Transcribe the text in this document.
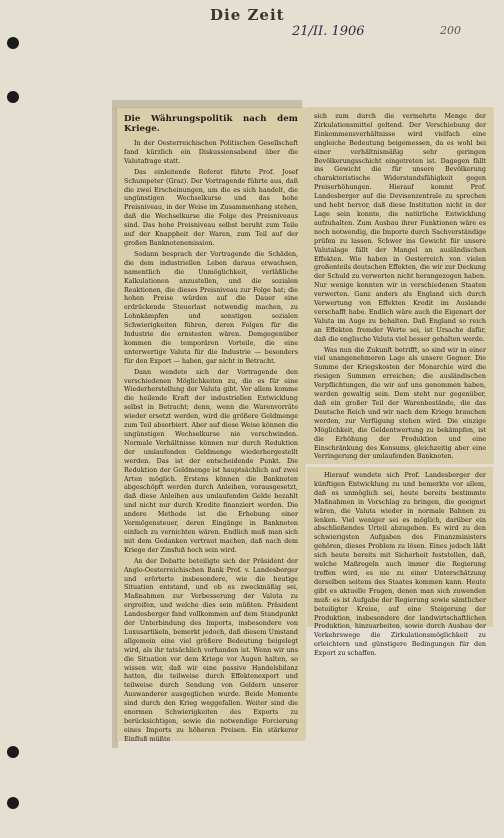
Die Zeit
21/II. 1906	200
Die Währungspolitik nach dem Kriege.

In der Oesterreichischen Politischen Gesellschaft fand kürzlich ein Diskussionsabend über die Valutafrage statt.

Das einleitende Referat führte Prof. Josef Schumpeter (Graz). Der Vortragende führte aus, daß die zwei Erscheinungen, um die es sich handelt, die ungünstigen Wechselkurse und das hohe Preisniveau, in der Weise im Zusammenhang stehen, daß die Wechselkurse die Folge des Preisniveaus sind. Das hohe Preisniveau selbst beruht zum Teile auf der Knappheit der Waren, zum Teil auf der großen Banknotenemission.

Sodann besprach der Vortragende die Schäden, die dem industriellen Leben daraus erwachsen, namentlich die Unmöglichkeit, verläßliche Kalkulationen anzustellen, und die sozialen Reaktionen, die dieses Preisniveau zur Folge hat; die hohen Preise würden auf die Dauer eine erdrückende Steuerlast notwendig machen, zu Lohnkämpfen und sonstigen sozialen Schwierigkeiten führen, deren Folgen für die Industrie die ernstesten wären. Demgegenüber kommen die temporären Vorteile, die eine unterwertige Valuta für die Industrie — besonders für den Export — haben, gar nicht in Betracht.

Dann wendete sich der Vortragende den verschiedenen Möglichkeiten zu, die es für eine Wiederherstellung der Valuta gibt. Vor allem komme die heilende Kraft der industriellen Entwicklung selbst in Betracht; denn, wenn die Warenvorräte wieder ersetzt werden, wird die größere Geldmenge zum Teil absorbiert. Aber auf diese Weise können die ungünstigen Wechselkurse nie verschwinden. Normale Verhältnisse können nur durch Reduktion der umlaufenden Geldmenge wiederhergestellt werden. Das ist der entscheidende Punkt. Die Reduktion der Geldmenge ist hauptsächlich auf zwei Arten möglich. Erstens können die Banknoten abgeschöpft werden durch Anleihen, vorausgesetzt, daß diese Anleihen aus umlaufenden Gelde bezahlt und nicht nur durch Kredite finanziert werden. Die andere Methode ist die Erhebung einer Vermögensteuer, deren Eingänge in Banknoten einfach zu vernichten wären. Endlich muß man sich mit dem Gedanken vertraut machen, daß nach dem Kriege der Zinsfuß hoch sein wird.

An der Debatte beteiligte sich der Präsident der Anglo-Oesterreichischen Bank Prof. v. Landesberger und erörterte insbesondere, wie die heutige Situation entstand, und ob es zweckmäßig sei, Maßnahmen zur Verbesserung der Valuta zu ergreifen, und welche dies sein müßten. Präsident Landesberger fand vollkommen auf dem Standpunkt der Unterbindung des Imports, insbesondere von Luxusartikeln, bemerkt jedoch, daß diesem Umstand allgemein eine viel größere Bedeutung beigelegt wird, als ihr tatsächlich vorhanden ist. Wenn wir uns die Situation vor dem Kriege vor Augen halten, so wissen wir, daß wir eine passive Handelsbilanz hatten, die teilweise durch Effektenexport und teilweise durch Sendung von Geldern unserer Auswanderer ausgeglichen wurde. Beide Momente sind durch den Krieg weggefallen. Weiter sind die enormen Schwierigkeiten des Exports zu berücksichtigen, sowie die notwendige Forcierung eines Imports zu höheren Preisen. Ein stärkerer Einfluß müßte

sich zum durch die vermehrte Menge der Zirkulationsmittel geltend. Der Verschiebung der Einkommensverhältnisse wird vielfach eine ungleiche Bedeutung beigemessen, da es wohl bei einer verhältnismäßig sehr geringen Bevölkerungsschicht eingetreten ist. Dagegen fällt ins Gewicht die für unsere Bevölkerung charakteristische Widerstandsfähigkeit gegen Preiserhöhungen. Hierauf kommt Prof. Landesberger auf die Devisenzentrale zu sprechen und hebt hervor, daß diese Institution nicht in der Lage sein konnte, die natürliche Entwicklung aufzuhalten. Zum Ausbau ihrer Funktionen wäre es noch notwendig, die Importe durch Sachverständige prüfen zu lassen. Schwer ins Gewicht für unsere Valutalage fällt der Mangel an ausländischen Effekten. Wie haben in Oesterreich von vielen großenteils deutschen Effekten, die wir zur Deckung der Schuld zu verwerten nicht herangezogen haben. Nur wenige konnten wir in verschiedenen Staaten verwerten. Ganz anders als England sich durch Verwertung von Effekten Kredit im Auslande verschafft habe. Endlich wäre auch die Eigenart der Valuta im Auge zu behalten. Daß England so reich an Effekten fremder Werte sei, ist Ursache dafür, daß die englische Valuta viel besser gehalten werde.

Was nun die Zukunft betrifft, so sind wir in einer viel unangenehmeren Lage als unsere Gegner. Die Summe der Kriegskosten der Monarchie wird die riesigen Summen erreichen; die ausländischen Verpflichtungen, die wir auf uns genommen haben, werden gewaltig sein. Dem steht nur gegenüber, daß ein großer Teil der Warenbestände, die das Deutsche Reich und wir nach dem Kriege brauchen werden, zur Verfügung stehen wird. Die einzige Möglichkeit, die Geldentwertung zu bekämpfen, ist die Erhöhung der Produktion und eine Einschränkung des Konsums, gleichzeitig aber eine Verringerung der umlaufenden Banknoten.

Hierauf wendete sich Prof. Landesberger der künftigen Entwicklung zu und bemerkte vor allem, daß es unmöglich sei, heute bereits bestimmte Maßnahmen in Vorschlag zu bringen, die geeignet wären, die Valuta wieder in normale Bahnen zu lenken. Viel weniger sei es möglich, darüber ein abschließendes Urteil abzugeben. Es wird zu den schwierigsten Aufgaben des Finanzministers gehören, dieses Problem zu lösen. Eines jedoch läßt sich heute bereits mit Sicherheit feststellen, daß, welche Maßregeln auch immer die Regierung treffen wird, es nie zu einer Unterschätzung derselben seitens des Staates kommen kann. Heute gibt es aktuelle Fragen, denen man sich zuwenden muß: es ist Aufgabe der Regierung sowie sämtlicher beteiligter Kreise, auf eine Steigerung der Produktion, insbesondere der landwirtschaftlichen Produktion, hinzuarbeiten, sowie durch Ausbau der Verkehrswege die Zirkulationsmöglichkeit zu erleichtern und günstigere Bedingungen für den Export zu schaffen.
